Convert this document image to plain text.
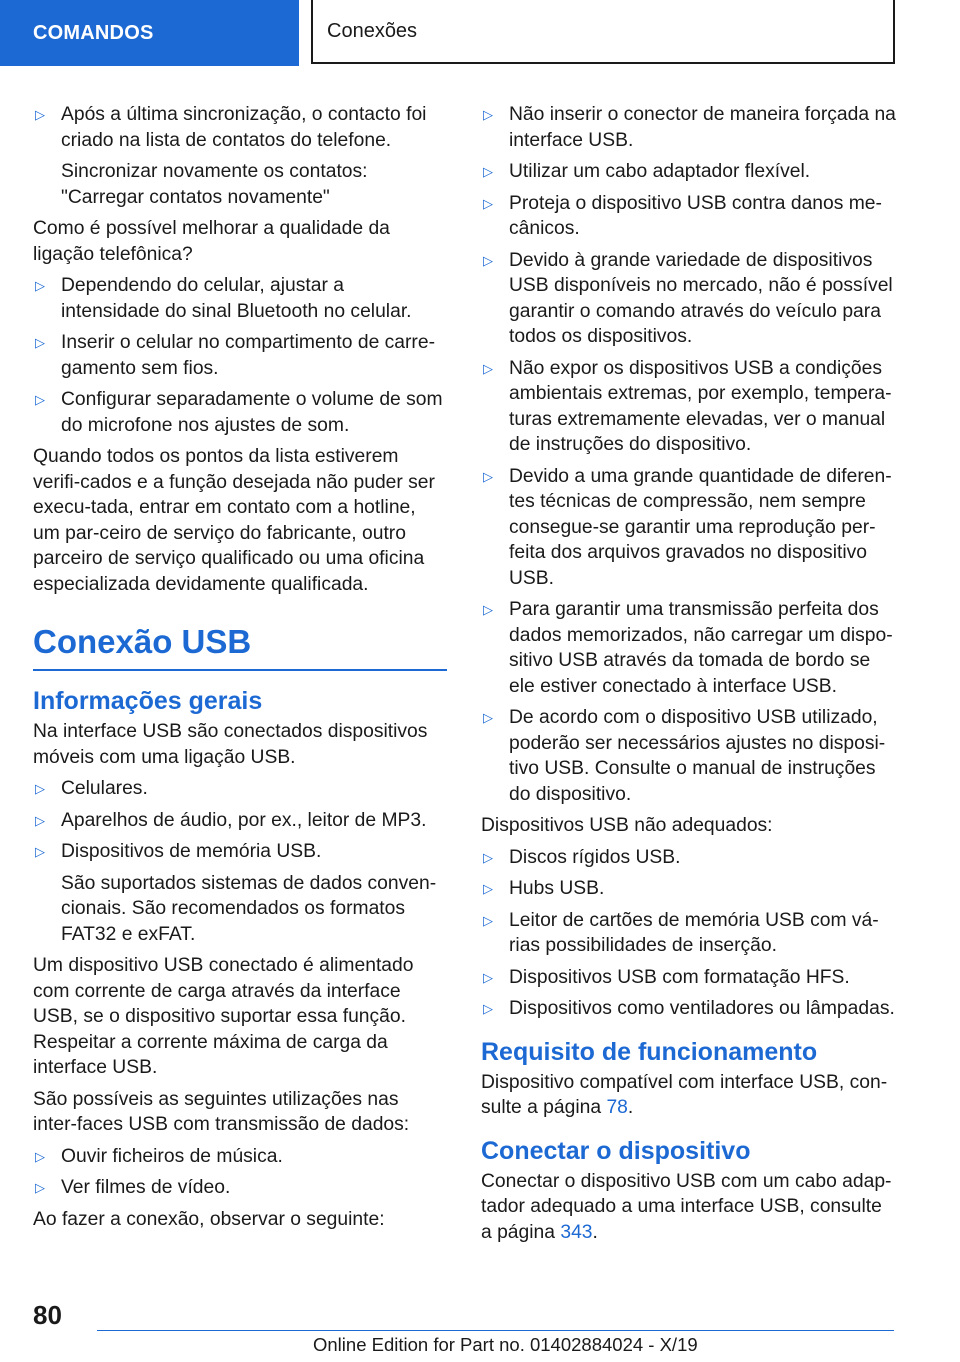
COMANDOS	Conexões
▷ Após a última sincronização, o contacto foi criado na lista de contatos do telefone.

Sincronizar novamente os contatos: "Carregar contatos novamente"

Como é possível melhorar a qualidade da ligação telefônica?

▷ Dependendo do celular, ajustar a intensidade do sinal Bluetooth no celular.
▷ Inserir o celular no compartimento de carre‐gamento sem fios.
▷ Configurar separadamente o volume de som do microfone nos ajustes de som.

Quando todos os pontos da lista estiverem verifi‐cados e a função desejada não puder ser execu‐tada, entrar em contato com a hotline, um par‐ceiro de serviço do fabricante, outro parceiro de serviço qualificado ou uma oficina especializada devidamente qualificada.

Conexão USB
Informações gerais

Na interface USB são conectados dispositivos móveis com uma ligação USB.

▷ Celulares.
▷ Aparelhos de áudio, por ex., leitor de MP3.
▷ Dispositivos de memória USB.

São suportados sistemas de dados conven‐cionais. São recomendados os formatos FAT32 e exFAT.

Um dispositivo USB conectado é alimentado com corrente de carga através da interface USB, se o dispositivo suportar essa função. Respeitar a corrente máxima de carga da interface USB.

São possíveis as seguintes utilizações nas inter‐faces USB com transmissão de dados:

▷ Ouvir ficheiros de música.
▷ Ver filmes de vídeo.

Ao fazer a conexão, observar o seguinte:

▷ Não inserir o conector de maneira forçada na interface USB.
▷ Utilizar um cabo adaptador flexível.
▷ Proteja o dispositivo USB contra danos me‐cânicos.
▷ Devido à grande variedade de dispositivos USB disponíveis no mercado, não é possível garantir o comando através do veículo para todos os dispositivos.
▷ Não expor os dispositivos USB a condições ambientais extremas, por exemplo, tempera‐turas extremamente elevadas, ver o manual de instruções do dispositivo.
▷ Devido a uma grande quantidade de diferen‐tes técnicas de compressão, nem sempre consegue-se garantir uma reprodução per‐feita dos arquivos gravados no dispositivo USB.
▷ Para garantir uma transmissão perfeita dos dados memorizados, não carregar um dispo‐sitivo USB através da tomada de bordo se ele estiver conectado à interface USB.
▷ De acordo com o dispositivo USB utilizado, poderão ser necessários ajustes no disposi‐tivo USB. Consulte o manual de instruções do dispositivo.

Dispositivos USB não adequados:

▷ Discos rígidos USB.
▷ Hubs USB.
▷ Leitor de cartões de memória USB com vá‐rias possibilidades de inserção.
▷ Dispositivos USB com formatação HFS.
▷ Dispositivos como ventiladores ou lâmpadas.
Requisito de funcionamento

Dispositivo compatível com interface USB, con‐sulte a página 78.

Conectar o dispositivo

Conectar o dispositivo USB com um cabo adap‐tador adequado a uma interface USB, consulte a página 343.

80
Online Edition for Part no. 01402884024 - X/19
